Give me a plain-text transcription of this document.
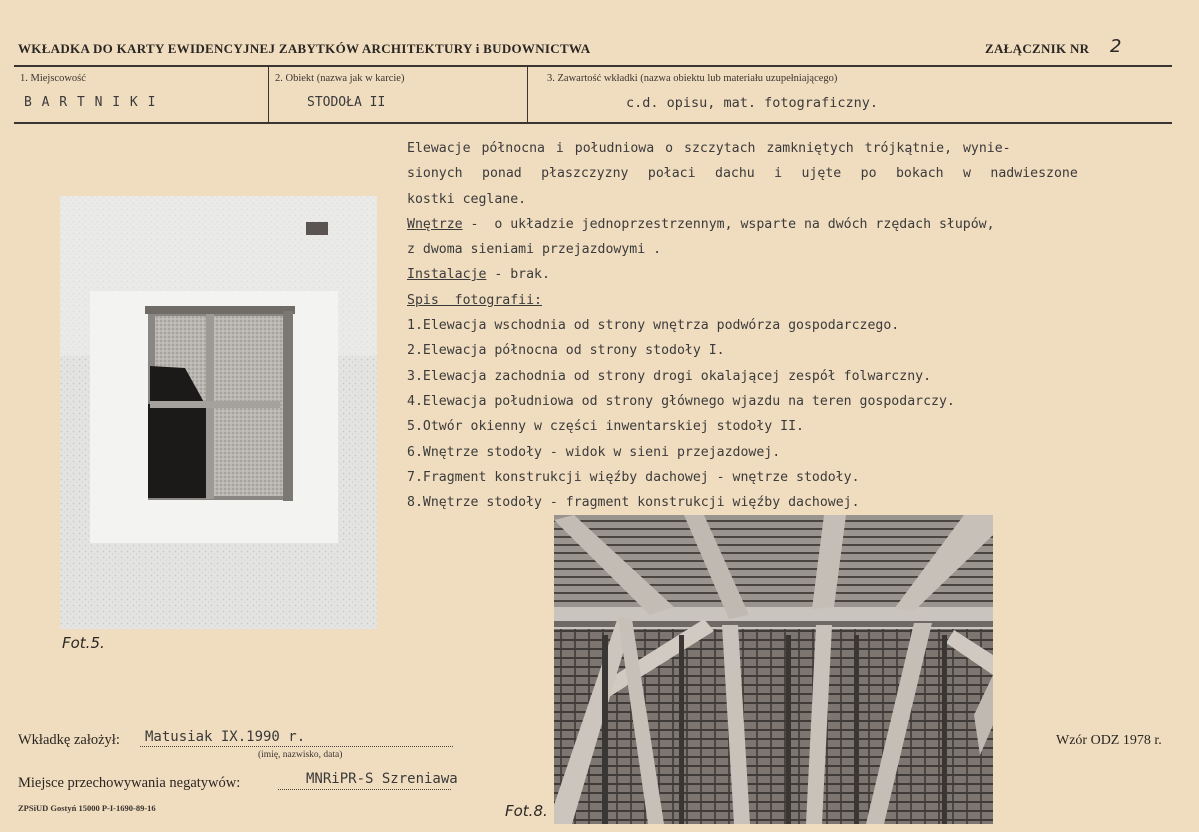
WKŁADKA DO KARTY EWIDENCYJNEJ ZABYTKÓW ARCHITEKTURY i BUDOWNICTWA	ZAŁĄCZNIK NR 2
1. Miejscowość
B A R T N I K I
2. Obiekt (nazwa jak w karcie)
STODOŁA II
3. Zawartość wkładki (nazwa obiektu lub materiału uzupełniającego)
c.d. opisu, mat. fotograficzny.
Elewacje północna i południowa o szczytach zamkniętych trójkątnie, wynie-
sionych ponad płaszczyzny połaci dachu i ujęte po bokach w nadwieszone
kostki ceglane.
Wnętrze -  o układzie jednoprzestrzennym, wsparte na dwóch rzędach słupów,
z dwoma sieniami przejazdowymi .
Instalacje - brak.
Spis  fotografii:
1.Elewacja wschodnia od strony wnętrza podwórza gospodarczego.
2.Elewacja północna od strony stodoły I.
3.Elewacja zachodnia od strony drogi okalającej zespół folwarczny.
4.Elewacja południowa od strony głównego wjazdu na teren gospodarczy.
5.Otwór okienny w części inwentarskiej stodoły II.
6.Wnętrze stodoły - widok w sieni przejazdowej.
7.Fragment konstrukcji więźby dachowej - wnętrze stodoły.
8.Wnętrze stodoły - fragment konstrukcji więźby dachowej.
Fot.5.
Fot.8.
Wkładkę założył: Matusiak IX.1990 r.
(imię, nazwisko, data)
Miejsce przechowywania negatywów:	MNRiPR-S Szreniawa
ZPSiUD Gostyń 15000 P-I-1690-89-16
Wzór ODZ 1978 r.
